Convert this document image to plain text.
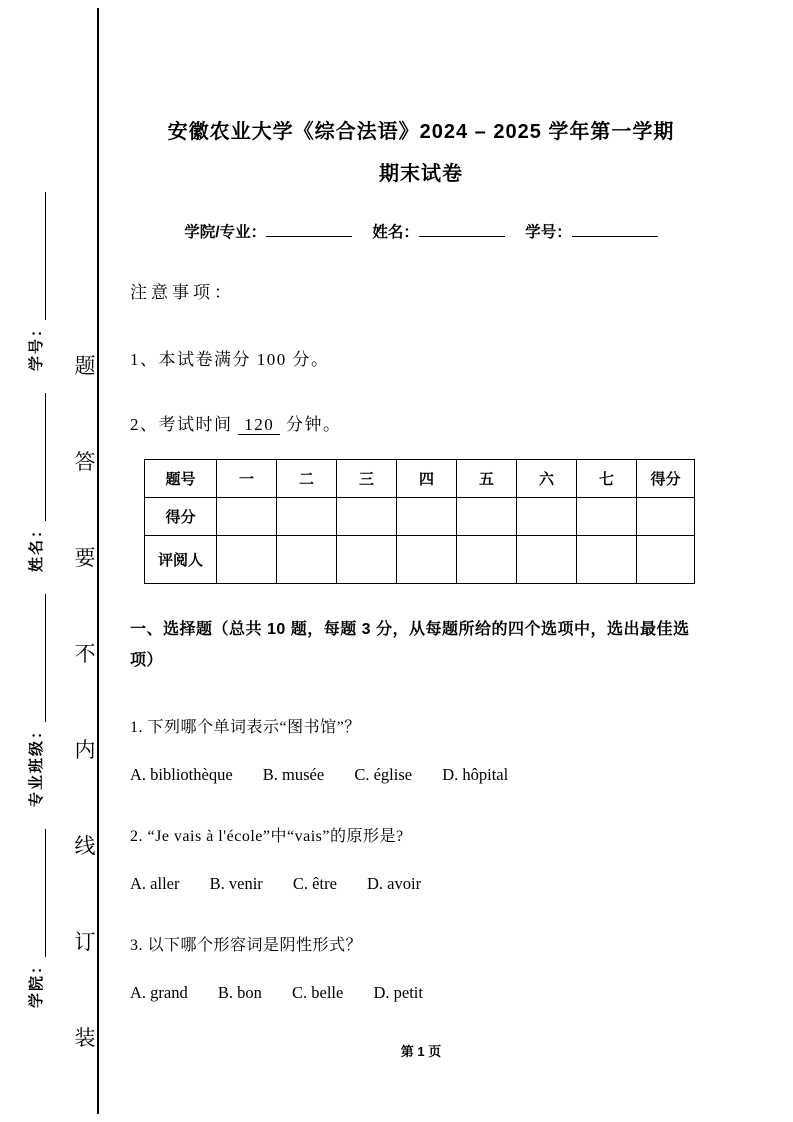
学院：
专业班级：
姓名：
学号： 题
答
要
不
内
线
订
装
安徽农业大学《综合法语》2024 – 2025 学年第一学期
期末试卷
学院/专业：	姓名：	学号：

注意事项：

1、本试卷满分 100 分。

2、考试时间 120 分钟。

题号	一	二	三	四	五	六	七	得分
得分								
评阅人								

一、选择题（总共 10 题，每题 3 分，从每题所给的四个选项中，选出最佳选项）

1. 下列哪个单词表示“图书馆”？

A. bibliothèque B. musée C. église D. hôpital

2. “Je vais à l'école”中“vais”的原形是?

A. aller B. venir C. être D. avoir

3. 以下哪个形容词是阴性形式？

A. grand B. bon C. belle D. petit

第 1 页
